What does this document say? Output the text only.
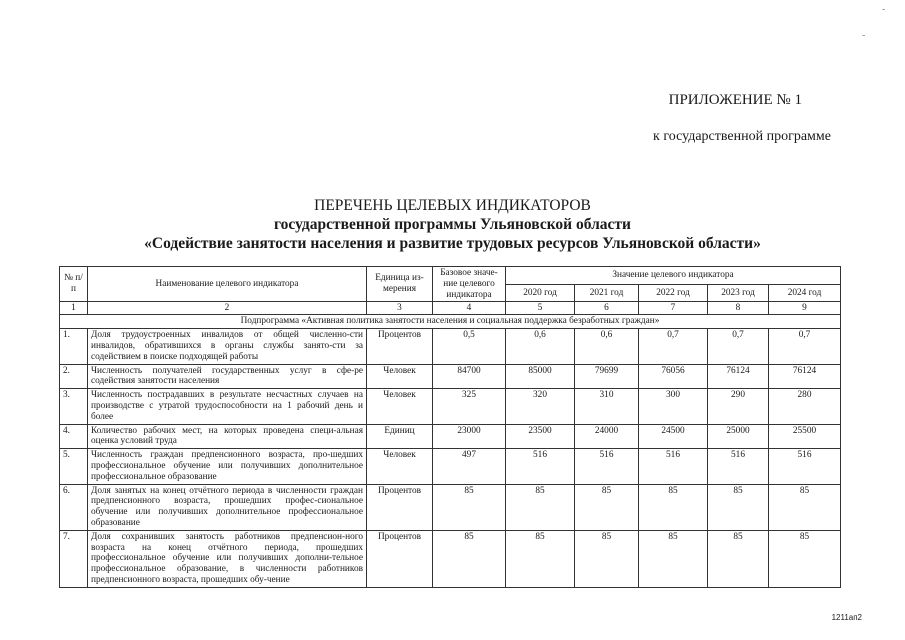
ПРИЛОЖЕНИЕ № 1
к государственной программе
ПЕРЕЧЕНЬ ЦЕЛЕВЫХ ИНДИКАТОРОВ
государственной программы Ульяновской области
«Содействие занятости населения и развитие трудовых ресурсов Ульяновской области»
№ п/п	Наименование целевого индикатора	Единица из-мерения	Базовое значе-ние целевого индикатора	Значение целевого индикатора				
				2020 год	2021 год	2022 год	2023 год	2024 год
1	2	3	4	5	6	7	8	9
Подпрограмма «Активная политика занятости населения и социальная поддержка безработных граждан»								
1.	Доля трудоустроенных инвалидов от общей численно-сти инвалидов, обратившихся в органы службы занято-сти за содействием в поиске подходящей работы	Процентов	0,5	0,6	0,6	0,7	0,7	0,7
2.	Численность получателей государственных услуг в сфе-ре содействия занятости населения	Человек	84700	85000	79699	76056	76124	76124
3.	Численность пострадавших в результате несчастных случаев на производстве с утратой трудоспособности на 1 рабочий день и более	Человек	325	320	310	300	290	280
4.	Количество рабочих мест, на которых проведена специ-альная оценка условий труда	Единиц	23000	23500	24000	24500	25000	25500
5.	Численность граждан предпенсионного возраста, про-шедших профессиональное обучение или получивших дополнительное профессиональное образование	Человек	497	516	516	516	516	516
6.	Доля занятых на конец отчётного периода в численности граждан предпенсионного возраста, прошедших профес-сиональное обучение или получивших дополнительное профессиональное образование	Процентов	85	85	85	85	85	85
7.	Доля сохранивших занятость работников предпенсион-ного возраста на конец отчётного периода, прошедших профессиональное обучение или получивших дополни-тельное профессиональное образование, в численности работников предпенсионного возраста, прошедших обу-чение	Процентов	85	85	85	85	85	85
1211ап2
-
-
